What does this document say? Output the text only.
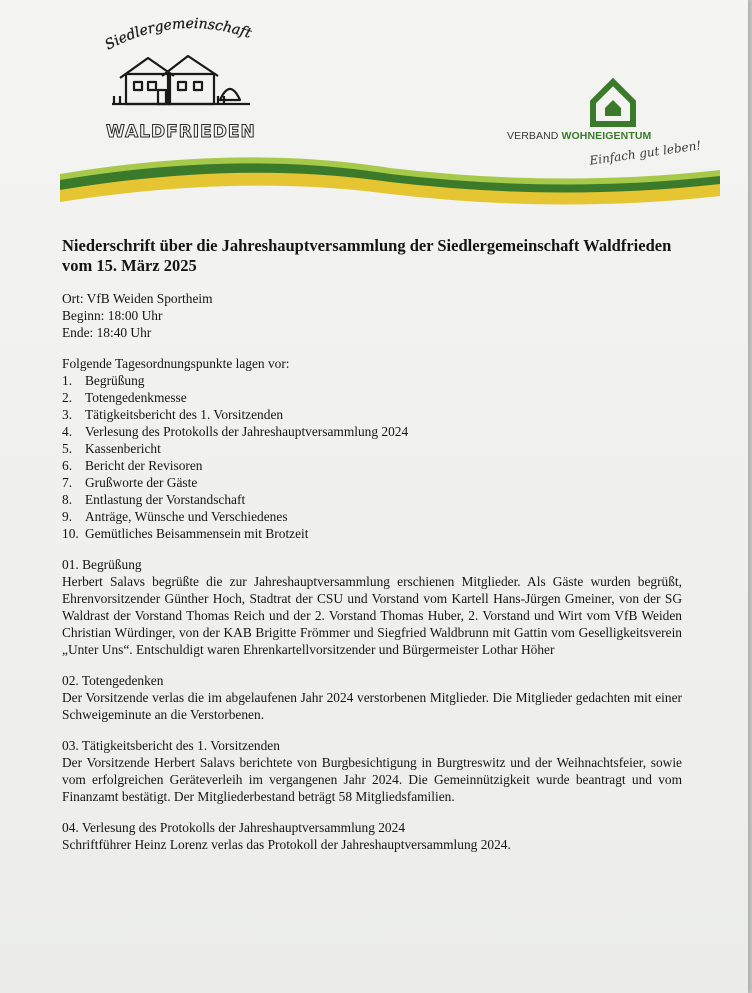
Siedlergemeinschaft
WALDFRIEDEN	VERBAND WOHNEIGENTUM
Einfach gut leben!
Niederschrift über die Jahreshauptversammlung der Siedlergemeinschaft Waldfrieden vom 15. März 2025

Ort: VfB Weiden Sportheim

Beginn: 18:00 Uhr

Ende: 18:40 Uhr

Folgende Tagesordnungspunkte lagen vor:

1. Begrüßung
2. Totengedenkmesse
3. Tätigkeitsbericht des 1. Vorsitzenden
4. Verlesung des Protokolls der Jahreshauptversammlung 2024
5. Kassenbericht
6. Bericht der Revisoren
7. Grußworte der Gäste
8. Entlastung der Vorstandschaft
9. Anträge, Wünsche und Verschiedenes
10. Gemütliches Beisammensein mit Brotzeit

01. Begrüßung

Herbert Salavs begrüßte die zur Jahreshauptversammlung erschienen Mitglieder. Als Gäste wurden begrüßt, Ehrenvorsitzender Günther Hoch, Stadtrat der CSU und Vorstand vom Kartell Hans-Jürgen Gmeiner, von der SG Waldrast der Vorstand Thomas Reich und der 2. Vorstand Thomas Huber, 2. Vorstand und Wirt vom VfB Weiden Christian Würdinger, von der KAB Brigitte Frömmer und Siegfried Waldbrunn mit Gattin vom Geselligkeitsverein „Unter Uns“. Entschuldigt waren Ehrenkartellvorsitzender und Bürgermeister Lothar Höher

02. Totengedenken

Der Vorsitzende verlas die im abgelaufenen Jahr 2024 verstorbenen Mitglieder. Die Mitglieder gedachten mit einer Schweigeminute an die Verstorbenen.

03. Tätigkeitsbericht des 1. Vorsitzenden

Der Vorsitzende Herbert Salavs berichtete von Burgbesichtigung in Burgtreswitz und der Weihnachtsfeier, sowie vom erfolgreichen Geräteverleih im vergangenen Jahr 2024. Die Gemeinnützigkeit wurde beantragt und vom Finanzamt bestätigt. Der Mitgliederbestand beträgt 58 Mitgliedsfamilien.

04. Verlesung des Protokolls der Jahreshauptversammlung 2024

Schriftführer Heinz Lorenz verlas das Protokoll der Jahreshauptversammlung 2024.
